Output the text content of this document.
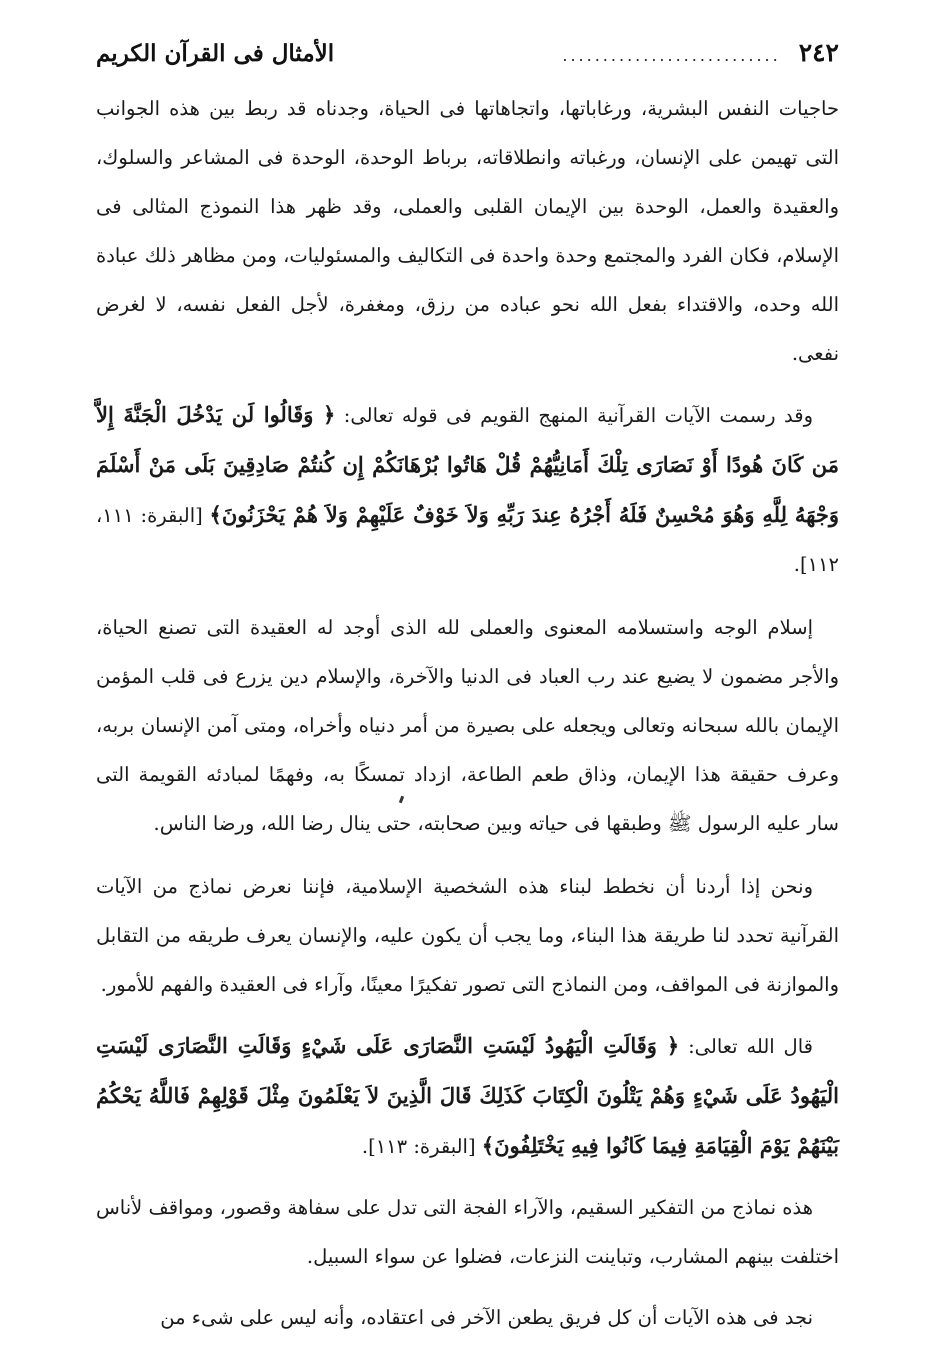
٢٤٢
...........................
الأمثال فى القرآن الكريم

حاجيات النفس البشرية، ورغاباتها، واتجاهاتها فى الحياة، وجدناه قد ربط بين هذه الجوانب التى تهيمن على الإنسان، ورغباته وانطلاقاته، برباط الوحدة، الوحدة فى المشاعر والسلوك، والعقيدة والعمل، الوحدة بين الإيمان القلبى والعملى، وقد ظهر هذا النموذج المثالى فى الإسلام، فكان الفرد والمجتمع وحدة واحدة فى التكاليف والمسئوليات، ومن مظاهر ذلك عبادة الله وحده، والاقتداء بفعل الله نحو عباده من رزق، ومغفرة، لأجل الفعل نفسه، لا لغرض نفعى.

وقد رسمت الآيات القرآنية المنهج القويم فى قوله تعالى: ﴿ وَقَالُوا لَن يَدْخُلَ الْجَنَّةَ إِلاَّ مَن كَانَ هُودًا أَوْ نَصَارَى تِلْكَ أَمَانِيُّهُمْ قُلْ هَاتُوا بُرْهَانَكُمْ إِن كُنتُمْ صَادِقِينَ بَلَى مَنْ أَسْلَمَ وَجْهَهُ لِلَّهِ وَهُوَ مُحْسِنٌ فَلَهُ أَجْرُهُ عِندَ رَبِّهِ وَلاَ خَوْفٌ عَلَيْهِمْ وَلاَ هُمْ يَحْزَنُونَ﴾ [البقرة: ١١١، ١١٢].

إسلام الوجه واستسلامه المعنوى والعملى لله الذى أوجد له العقيدة التى تصنع الحياة، والأجر مضمون لا يضيع عند رب العباد فى الدنيا والآخرة، والإسلام دين يزرع فى قلب المؤمن الإيمان بالله سبحانه وتعالى ويجعله على بصيرة من أمر دنياه وأخراه، ومتى آمن الإنسان بربه، وعرف حقيقة هذا الإيمان، وذاق طعم الطاعة، ازداد تمسكًا به، وفهمًا لمبادئه القويمة التى سار عليه الرسول ﷺ وطبقها فى حياته وبين صحابته، حتى ينال رضا الله، ورضا الناس.

ونحن إذا أردنا أن نخطط لبناء هذه الشخصية الإسلامية، فإننا نعرض نماذج من الآيات القرآنية تحدد لنا طريقة هذا البناء، وما يجب أن يكون عليه، والإنسان يعرف طريقه من التقابل والموازنة فى المواقف، ومن النماذج التى تصور تفكيرًا معينًا، وآراء فى العقيدة والفهم للأمور.

قال الله تعالى: ﴿ وَقَالَتِ الْيَهُودُ لَيْسَتِ النَّصَارَى عَلَى شَيْءٍ وَقَالَتِ النَّصَارَى لَيْسَتِ الْيَهُودُ عَلَى شَيْءٍ وَهُمْ يَتْلُونَ الْكِتَابَ كَذَلِكَ قَالَ الَّذِينَ لاَ يَعْلَمُونَ مِثْلَ قَوْلِهِمْ فَاللَّهُ يَحْكُمُ بَيْنَهُمْ يَوْمَ الْقِيَامَةِ فِيمَا كَانُوا فِيهِ يَخْتَلِفُونَ﴾ [البقرة: ١١٣].

هذه نماذج من التفكير السقيم، والآراء الفجة التى تدل على سفاهة وقصور، ومواقف لأناس اختلفت بينهم المشارب، وتباينت النزعات، فضلوا عن سواء السبيل.

نجد فى هذه الآيات أن كل فريق يطعن الآخر فى اعتقاده، وأنه ليس على شىء من
